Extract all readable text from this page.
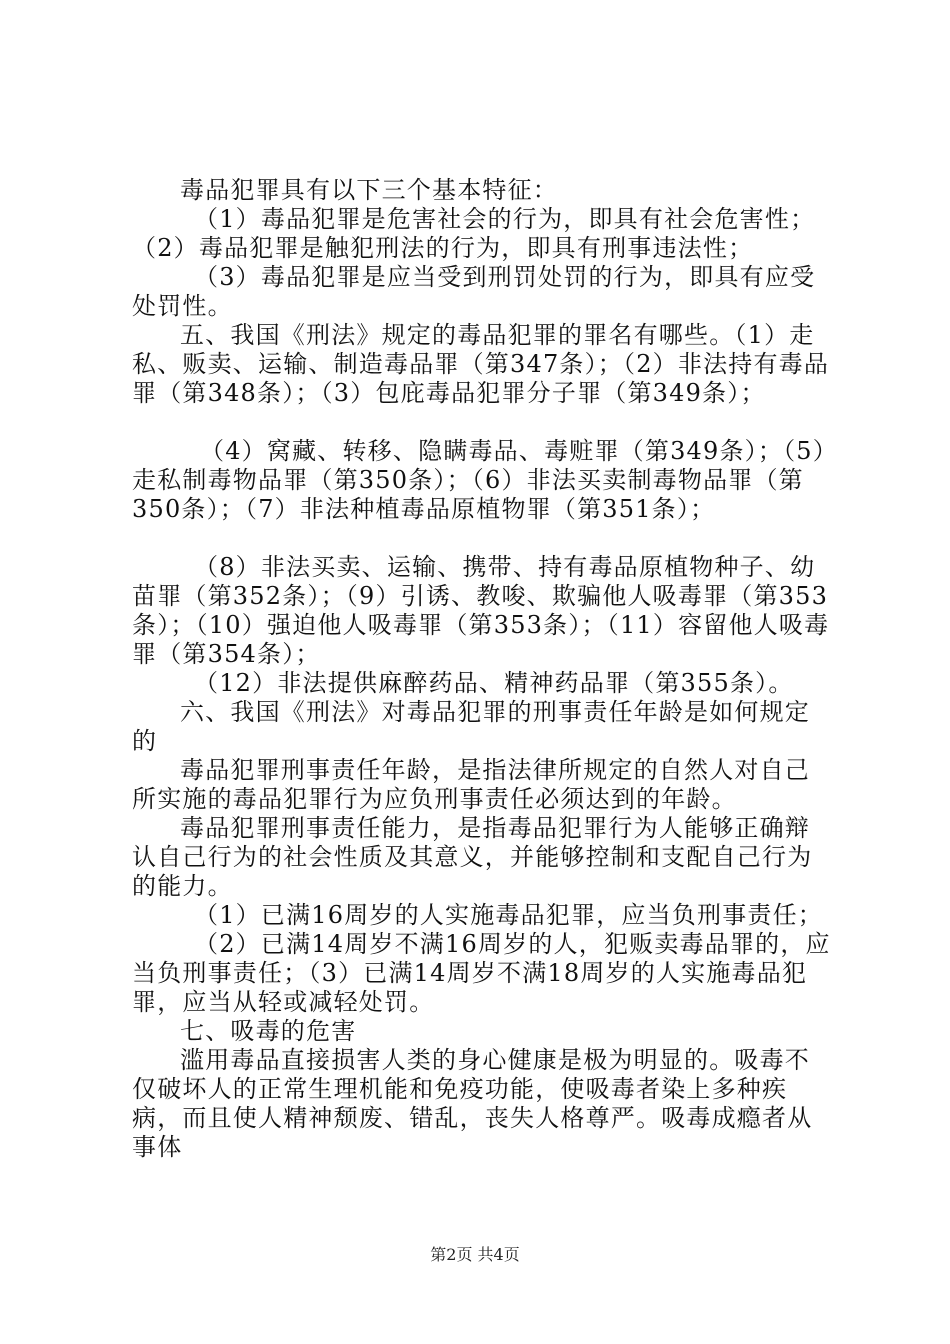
毒品犯罪具有以下三个基本特征：

（1）毒品犯罪是危害社会的行为，即具有社会危害性；（2）毒品犯罪是触犯刑法的行为，即具有刑事违法性；

（3）毒品犯罪是应当受到刑罚处罚的行为，即具有应受处罚性。

五、我国《刑法》规定的毒品犯罪的罪名有哪些。（1）走私、贩卖、运输、制造毒品罪（第347条）；（2）非法持有毒品罪（第348条）；（3）包庇毒品犯罪分子罪（第349条）；

（4）窝藏、转移、隐瞒毒品、毒赃罪（第349条）；（5）走私制毒物品罪（第350条）；（6）非法买卖制毒物品罪（第350条）；（7）非法种植毒品原植物罪（第351条）；

（8）非法买卖、运输、携带、持有毒品原植物种子、幼苗罪（第352条）；（9）引诱、教唆、欺骗他人吸毒罪（第353条）；（10）强迫他人吸毒罪（第353条）；（11）容留他人吸毒罪（第354条）；

（12）非法提供麻醉药品、精神药品罪（第355条）。

六、我国《刑法》对毒品犯罪的刑事责任年龄是如何规定的

毒品犯罪刑事责任年龄，是指法律所规定的自然人对自己所实施的毒品犯罪行为应负刑事责任必须达到的年龄。

毒品犯罪刑事责任能力，是指毒品犯罪行为人能够正确辩认自己行为的社会性质及其意义，并能够控制和支配自己行为的能力。

（1）已满16周岁的人实施毒品犯罪，应当负刑事责任；

（2）已满14周岁不满16周岁的人，犯贩卖毒品罪的，应当负刑事责任；（3）已满14周岁不满18周岁的人实施毒品犯罪，应当从轻或减轻处罚。

七、吸毒的危害

滥用毒品直接损害人类的身心健康是极为明显的。吸毒不仅破坏人的正常生理机能和免疫功能，使吸毒者染上多种疾病，而且使人精神颓废、错乱，丧失人格尊严。吸毒成瘾者从事体

第2页 共4页
